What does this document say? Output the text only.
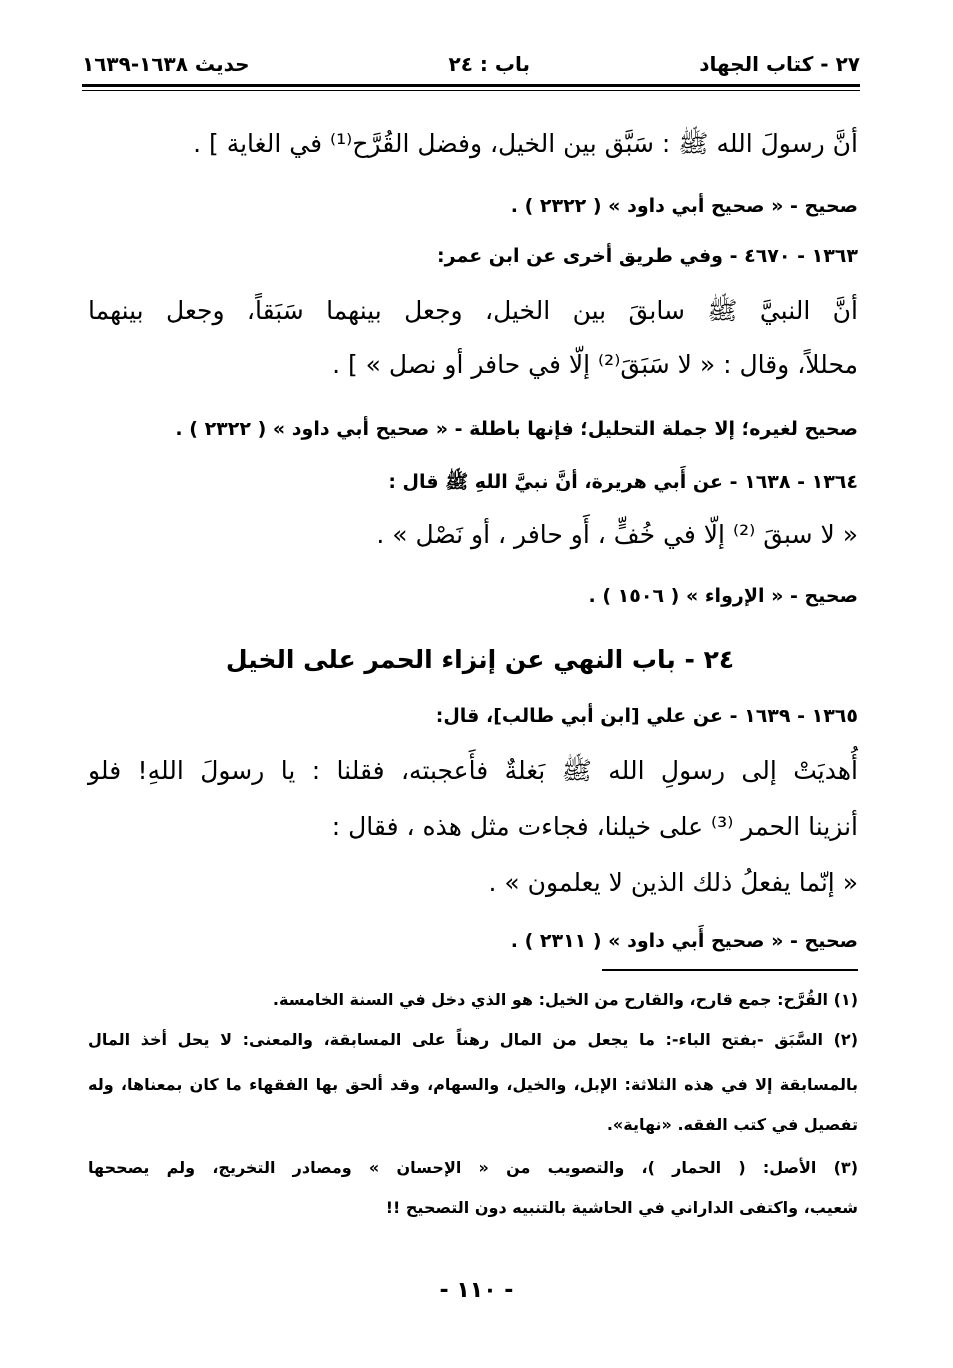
٢٧ - كتاب الجهاد
باب : ٢٤
حديث ١٦٣٨-١٦٣٩
أنَّ رسولَ الله ﷺ : سَبَّق بين الخيل، وفضل القُرَّح⁽¹⁾ في الغاية ] .
صحيح - « صحيح أبي داود » ( ٢٣٢٢ ) .
١٣٦٣ - ٤٦٧٠ - وفي طريق أخرى عن ابن عمر:
أنَّ النبيَّ ﷺ سابقَ بين الخيل، وجعل بينهما سَبَقاً، وجعل بينهما
محللاً، وقال : « لا سَبَقَ⁽²⁾ إلّا في حافر أو نصل » ] .
صحيح لغيره؛ إلا جملة التحليل؛ فإنها باطلة - « صحيح أبي داود » ( ٢٣٢٢ ) .
١٣٦٤ - ١٦٣٨ - عن أَبي هريرة، أنَّ نبيَّ اللهِ ﷺ قال :
« لا سبقَ ⁽²⁾ إلّا في خُفٍّ ، أَو حافر ، أو نَصْل » .
صحيح - « الإرواء » ( ١٥٠٦ ) .
٢٤ - باب النهي عن إنزاء الحمر على الخيل
١٣٦٥ - ١٦٣٩ - عن علي [ابن أبي طالب]، قال:
أُهديَتْ إلى رسولِ الله ﷺ بَغلةٌ فأَعجبته، فقلنا : يا رسولَ اللهِ! فلو
أنزينا الحمر ⁽³⁾ على خيلنا، فجاءت مثل هذه ، فقال :
« إنّما يفعلُ ذلك الذين لا يعلمون » .
صحيح - « صحيح أَبي داود » ( ٢٣١١ ) .
(١) القُرَّح: جمع قارح، والقارح من الخيل: هو الذي دخل في السنة الخامسة.
(٢) السَّبَق -بفتح الباء-: ما يجعل من المال رهناً على المسابقة، والمعنى: لا يحل أخذ المال
بالمسابقة إلا في هذه الثلاثة: الإبل، والخيل، والسهام، وقد ألحق بها الفقهاء ما كان بمعناها، وله
تفصيل في كتب الفقه. «نهاية».
(٣) الأصل: ( الحمار )، والتصويب من « الإحسان » ومصادر التخريج، ولم يصححها
شعيب، واكتفى الداراني في الحاشية بالتنبيه دون التصحيح !!
- ١١٠ -
